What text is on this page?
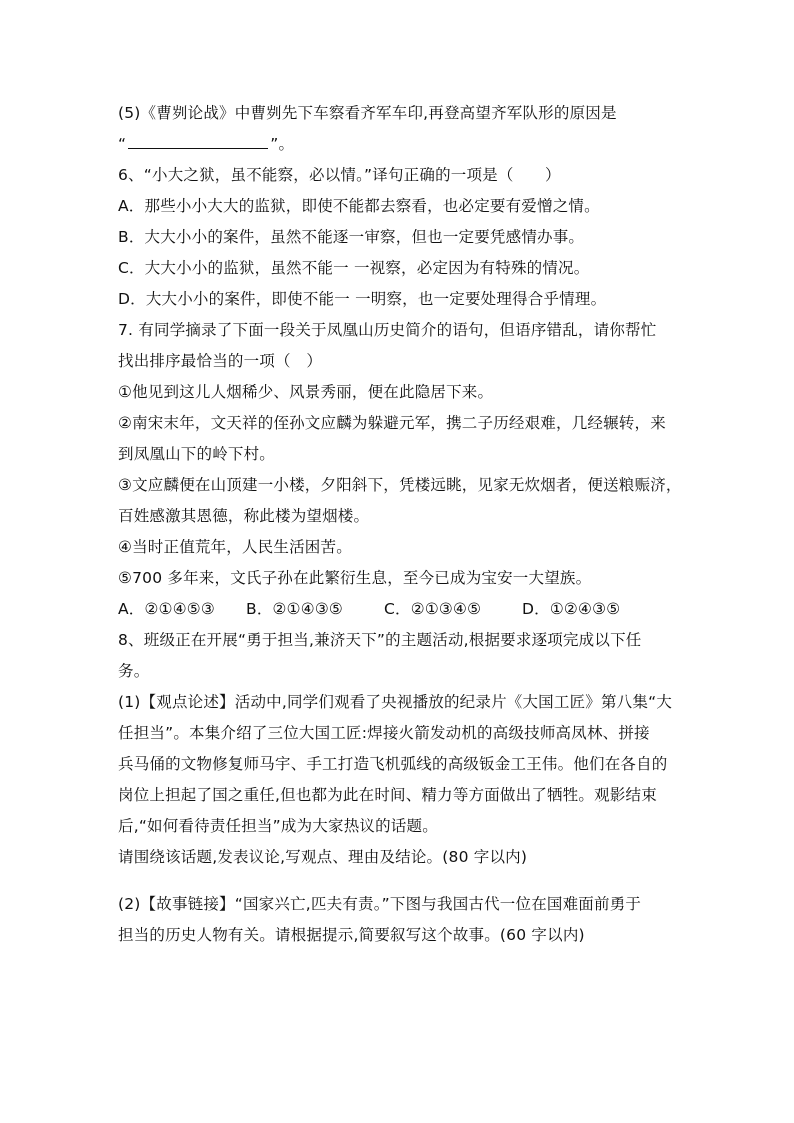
(5)《曹刿论战》中曹刿先下车察看齐军车印,再登高望齐军队形的原因是
“	”。
6、“小大之狱，虽不能察，必以情。”译句正确的一项是（　　）
A．那些小小大大的监狱，即使不能都去察看，也必定要有爱憎之情。
B．大大小小的案件，虽然不能逐一审察，但也一定要凭感情办事。
C．大大小小的监狱，虽然不能一 一视察，必定因为有特殊的情况。
D．大大小小的案件，即使不能一 一明察，也一定要处理得合乎情理。
7. 有同学摘录了下面一段关于凤凰山历史简介的语句，但语序错乱，请你帮忙
找出排序最恰当的一项（　）
①他见到这儿人烟稀少、风景秀丽，便在此隐居下来。
②南宋末年，文天祥的侄孙文应麟为躲避元军，携二子历经艰难，几经辗转，来
到凤凰山下的岭下村。
③文应麟便在山顶建一小楼，夕阳斜下，凭楼远眺，见家无炊烟者，便送粮赈济，
百姓感激其恩德，称此楼为望烟楼。
④当时正值荒年，人民生活困苦。
⑤700 多年来，文氏子孙在此繁衍生息，至今已成为宝安一大望族。
A．②①④⑤③ B．②①④③⑤	C．②①③④⑤	D．①②④③⑤
8、班级正在开展“勇于担当,兼济天下”的主题活动,根据要求逐项完成以下任
务。
(1)【观点论述】活动中,同学们观看了央视播放的纪录片《大国工匠》第八集“大
任担当”。本集介绍了三位大国工匠:焊接火箭发动机的高级技师高凤林、拼接
兵马俑的文物修复师马宇、手工打造飞机弧线的高级钣金工王伟。他们在各自的
岗位上担起了国之重任,但也都为此在时间、精力等方面做出了牺牲。观影结束
后,“如何看待责任担当”成为大家热议的话题。
请围绕该话题,发表议论,写观点、理由及结论。(80 字以内)
(2)【故事链接】“国家兴亡,匹夫有责。”下图与我国古代一位在国难面前勇于
担当的历史人物有关。请根据提示,简要叙写这个故事。(60 字以内)
